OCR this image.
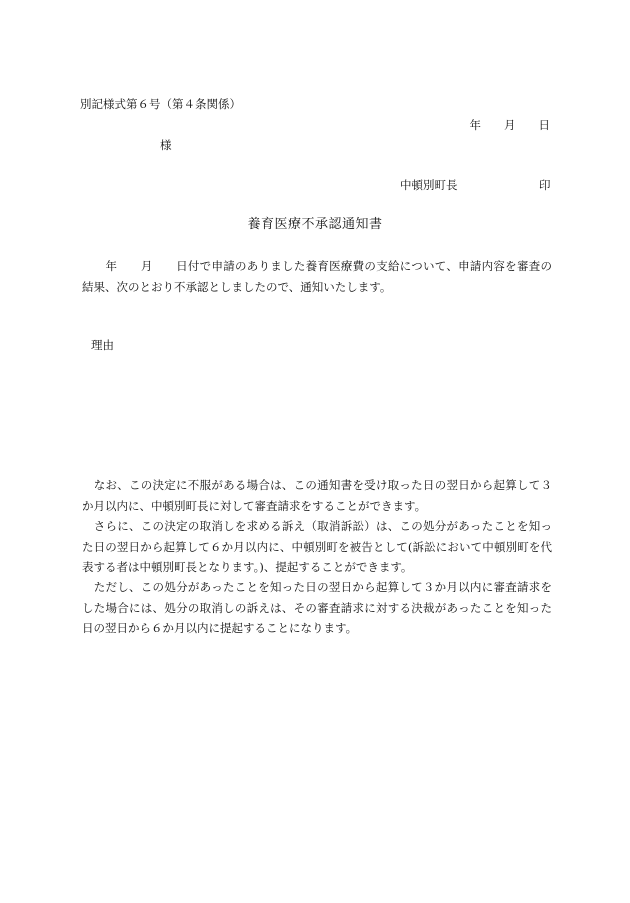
別記様式第６号（第４条関係）
年　　月　　日
様
中頓別町長	印
養育医療不承認通知書
　　年　　月　　日付で申請のありました養育医療費の支給について、申請内容を審査の結果、次のとおり不承認としましたので、通知いたします。
理由
　なお、この決定に不服がある場合は、この通知書を受け取った日の翌日から起算して３か月以内に、中頓別町長に対して審査請求をすることができます。
　さらに、この決定の取消しを求める訴え（取消訴訟）は、この処分があったことを知った日の翌日から起算して６か月以内に、中頓別町を被告として(訴訟において中頓別町を代表する者は中頓別町長となります。)、提起することができます。
　ただし、この処分があったことを知った日の翌日から起算して３か月以内に審査請求をした場合には、処分の取消しの訴えは、その審査請求に対する決裁があったことを知った日の翌日から６か月以内に提起することになります。
